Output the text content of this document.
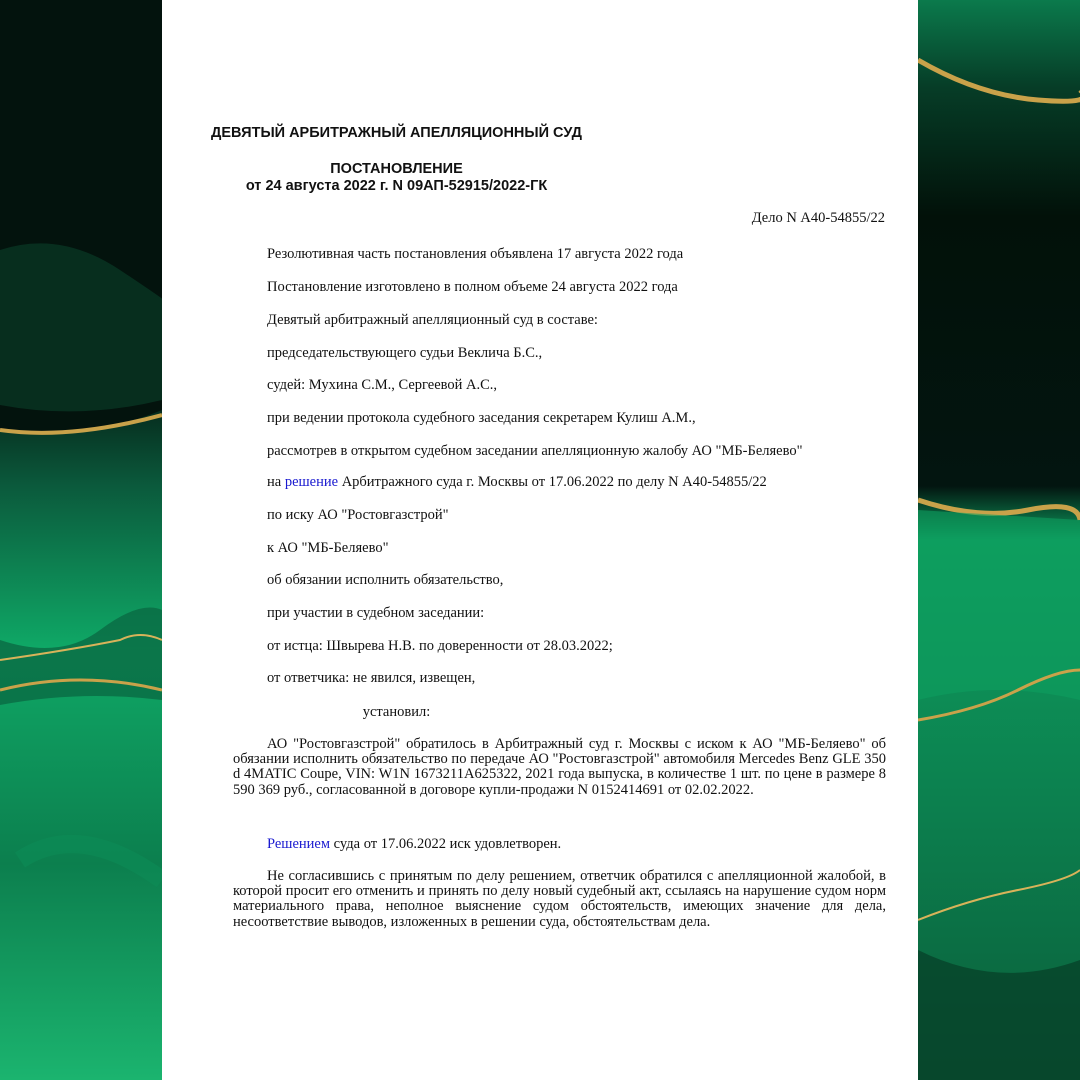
ДЕВЯТЫЙ АРБИТРАЖНЫЙ АПЕЛЛЯЦИОННЫЙ СУД
ПОСТАНОВЛЕНИЕ
от 24 августа 2022 г. N 09АП-52915/2022-ГК
Дело N А40-54855/22
Резолютивная часть постановления объявлена 17 августа 2022 года
Постановление изготовлено в полном объеме 24 августа 2022 года
Девятый арбитражный апелляционный суд в составе:
председательствующего судьи Веклича Б.С.,
судей: Мухина С.М., Сергеевой А.С.,
при ведении протокола судебного заседания секретарем Кулиш А.М.,
рассмотрев в открытом судебном заседании апелляционную жалобу АО "МБ-Беляево"
на решение Арбитражного суда г. Москвы от 17.06.2022 по делу N А40-54855/22
по иску АО "Ростовгазстрой"
к АО "МБ-Беляево"
об обязании исполнить обязательство,
при участии в судебном заседании:
от истца: Швырева Н.В. по доверенности от 28.03.2022;
от ответчика: не явился, извещен,
установил:
АО "Ростовгазстрой" обратилось в Арбитражный суд г. Москвы с иском к АО "МБ-Беляево" об обязании исполнить обязательство по передаче АО "Ростовгазстрой" автомобиля Mercedes Benz GLE 350 d 4MATIC Coupe, VIN: W1N 1673211A625322, 2021 года выпуска, в количестве 1 шт. по цене в размере 8 590 369 руб., согласованной в договоре купли-продажи N 0152414691 от 02.02.2022.
Решением суда от 17.06.2022 иск удовлетворен.
Не согласившись с принятым по делу решением, ответчик обратился с апелляционной жалобой, в которой просит его отменить и принять по делу новый судебный акт, ссылаясь на нарушение судом норм материального права, неполное выяснение судом обстоятельств, имеющих значение для дела, несоответствие выводов, изложенных в решении суда, обстоятельствам дела.
